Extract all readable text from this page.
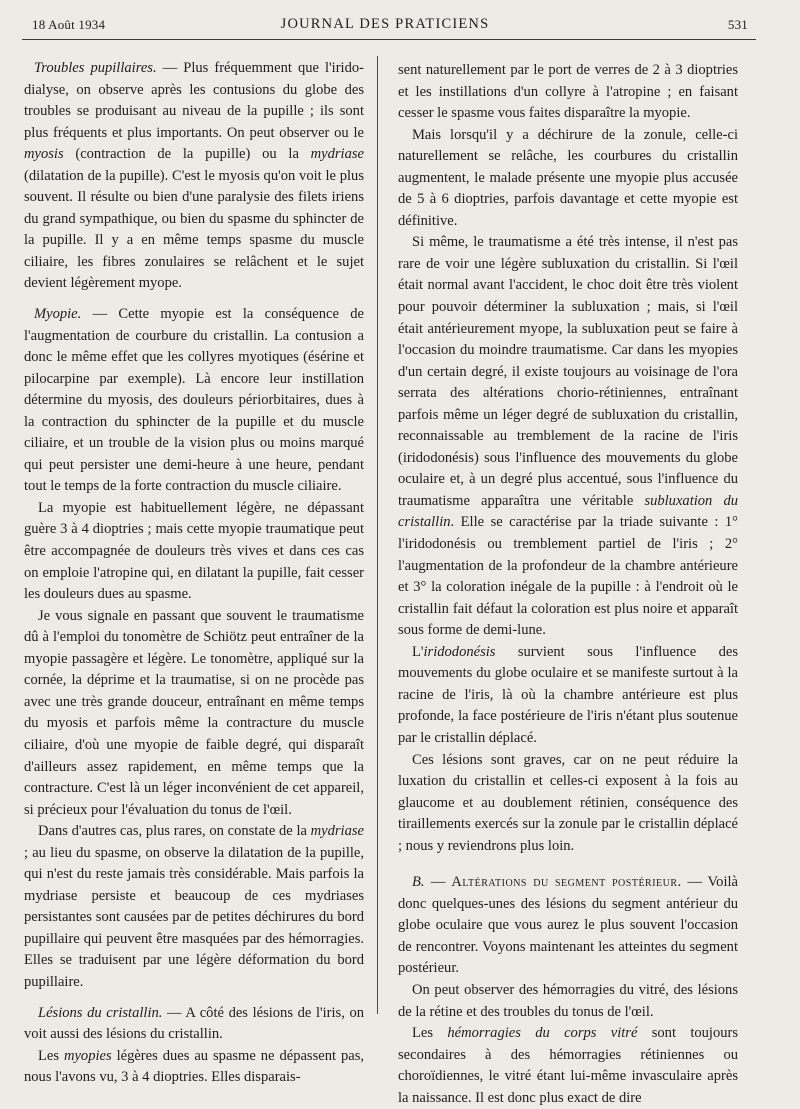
18 Août 1934	JOURNAL DES PRATICIENS	531

Troubles pupillaires. — Plus fréquemment que l'irido-dialyse, on observe après les contusions du globe des troubles se produisant au niveau de la pupille ; ils sont plus fréquents et plus importants. On peut observer ou le myosis (contraction de la pupille) ou la mydriase (dilatation de la pupille). C'est le myosis qu'on voit le plus souvent. Il résulte ou bien d'une paralysie des filets iriens du grand sympathique, ou bien du spasme du sphincter de la pupille. Il y a en même temps spasme du muscle ciliaire, les fibres zonulaires se relâchent et le sujet devient légèrement myope.

Myopie. — Cette myopie est la conséquence de l'augmentation de courbure du cristallin. La contusion a donc le même effet que les collyres myotiques (ésérine et pilocarpine par exemple). Là encore leur instillation détermine du myosis, des douleurs périorbitaires, dues à la contraction du sphincter de la pupille et du muscle ciliaire, et un trouble de la vision plus ou moins marqué qui peut persister une demi-heure à une heure, pendant tout le temps de la forte contraction du muscle ciliaire.

La myopie est habituellement légère, ne dépassant guère 3 à 4 dioptries ; mais cette myopie traumatique peut être accompagnée de douleurs très vives et dans ces cas on emploie l'atropine qui, en dilatant la pupille, fait cesser les douleurs dues au spasme.

Je vous signale en passant que souvent le traumatisme dû à l'emploi du tonomètre de Schiötz peut entraîner de la myopie passagère et légère. Le tonomètre, appliqué sur la cornée, la déprime et la traumatise, si on ne procède pas avec une très grande douceur, entraînant en même temps du myosis et parfois même la contracture du muscle ciliaire, d'où une myopie de faible degré, qui disparaît d'ailleurs assez rapidement, en même temps que la contracture. C'est là un léger inconvénient de cet appareil, si précieux pour l'évaluation du tonus de l'œil.

Dans d'autres cas, plus rares, on constate de la mydriase ; au lieu du spasme, on observe la dilatation de la pupille, qui n'est du reste jamais très considérable. Mais parfois la mydriase persiste et beaucoup de ces mydriases persistantes sont causées par de petites déchirures du bord pupillaire qui peuvent être masquées par des hémorragies. Elles se traduisent par une légère déformation du bord pupillaire.

Lésions du cristallin. — A côté des lésions de l'iris, on voit aussi des lésions du cristallin.

Les myopies légères dues au spasme ne dépassent pas, nous l'avons vu, 3 à 4 dioptries. Elles disparais-

sent naturellement par le port de verres de 2 à 3 dioptries et les instillations d'un collyre à l'atropine ; en faisant cesser le spasme vous faites disparaître la myopie.

Mais lorsqu'il y a déchirure de la zonule, celle-ci naturellement se relâche, les courbures du cristallin augmentent, le malade présente une myopie plus accusée de 5 à 6 dioptries, parfois davantage et cette myopie est définitive.

Si même, le traumatisme a été très intense, il n'est pas rare de voir une légère subluxation du cristallin. Si l'œil était normal avant l'accident, le choc doit être très violent pour pouvoir déterminer la subluxation ; mais, si l'œil était antérieurement myope, la subluxation peut se faire à l'occasion du moindre traumatisme. Car dans les myopies d'un certain degré, il existe toujours au voisinage de l'ora serrata des altérations chorio-rétiniennes, entraînant parfois même un léger degré de subluxation du cristallin, reconnaissable au tremblement de la racine de l'iris (iridodonésis) sous l'influence des mouvements du globe oculaire et, à un degré plus accentué, sous l'influence du traumatisme apparaîtra une véritable subluxation du cristallin. Elle se caractérise par la triade suivante : 1° l'iridodonésis ou tremblement partiel de l'iris ; 2° l'augmentation de la profondeur de la chambre antérieure et 3° la coloration inégale de la pupille : à l'endroit où le cristallin fait défaut la coloration est plus noire et apparaît sous forme de demi-lune.

L'iridodonésis survient sous l'influence des mouvements du globe oculaire et se manifeste surtout à la racine de l'iris, là où la chambre antérieure est plus profonde, la face postérieure de l'iris n'étant plus soutenue par le cristallin déplacé.

Ces lésions sont graves, car on ne peut réduire la luxation du cristallin et celles-ci exposent à la fois au glaucome et au doublement rétinien, conséquence des tiraillements exercés sur la zonule par le cristallin déplacé ; nous y reviendrons plus loin.

B. — Altérations du segment postérieur. — Voilà donc quelques-unes des lésions du segment antérieur du globe oculaire que vous aurez le plus souvent l'occasion de rencontrer. Voyons maintenant les atteintes du segment postérieur.

On peut observer des hémorragies du vitré, des lésions de la rétine et des troubles du tonus de l'œil.

Les hémorragies du corps vitré sont toujours secondaires à des hémorragies rétiniennes ou choroïdiennes, le vitré étant lui-même invasculaire après la naissance. Il est donc plus exact de dire
